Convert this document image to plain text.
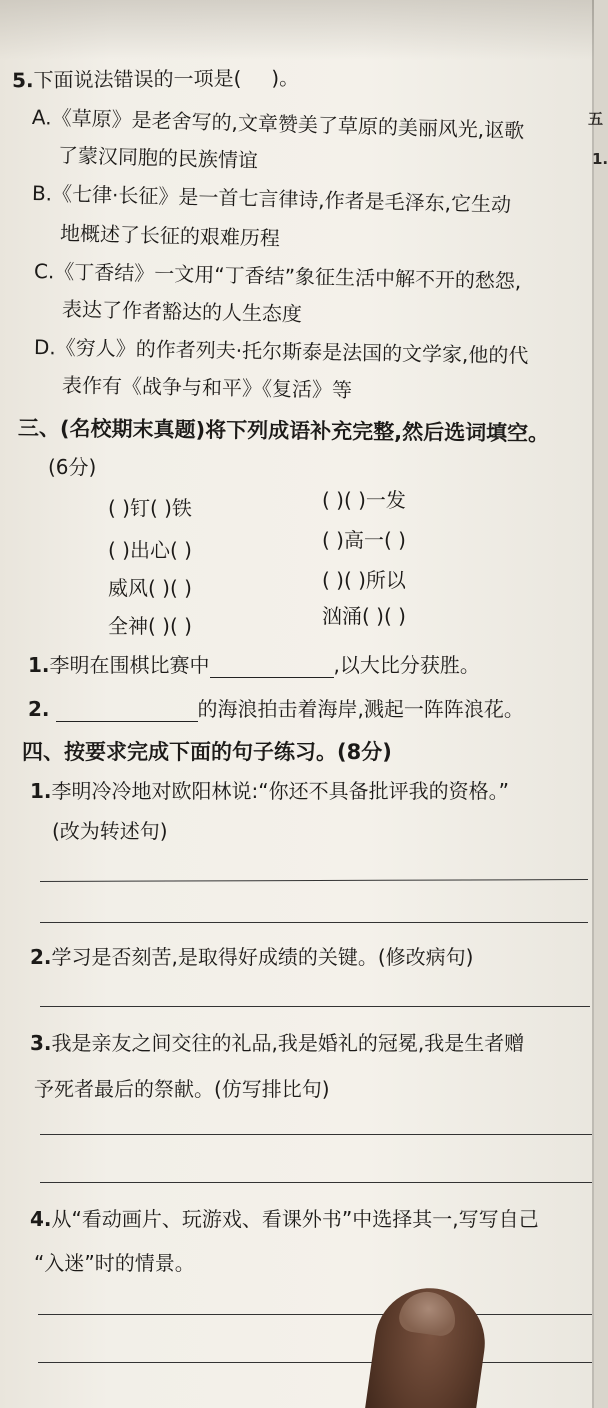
五
1.
5.下面说法错误的一项是( )。
A.《草原》是老舍写的,文章赞美了草原的美丽风光,讴歌
了蒙汉同胞的民族情谊
B.《七律·长征》是一首七言律诗,作者是毛泽东,它生动
地概述了长征的艰难历程
C.《丁香结》一文用“丁香结”象征生活中解不开的愁怨,
表达了作者豁达的人生态度
D.《穷人》的作者列夫·托尔斯泰是法国的文学家,他的代
表作有《战争与和平》《复活》等
三、(名校期末真题)将下列成语补充完整,然后选词填空。
(6分)
( )钉( )铁	( )( )一发
( )出心( )	( )高一( )
威风( )( )	( )( )所以
全神( )( )	汹涌( )( )
1.李明在围棋比赛中	,以大比分获胜。
2.	的海浪拍击着海岸,溅起一阵阵浪花。
四、按要求完成下面的句子练习。(8分)
1.李明冷冷地对欧阳林说:“你还不具备批评我的资格。”
(改为转述句)
2.学习是否刻苦,是取得好成绩的关键。(修改病句)
3.我是亲友之间交往的礼品,我是婚礼的冠冕,我是生者赠
予死者最后的祭献。(仿写排比句)
4.从“看动画片、玩游戏、看课外书”中选择其一,写写自己
“入迷”时的情景。
